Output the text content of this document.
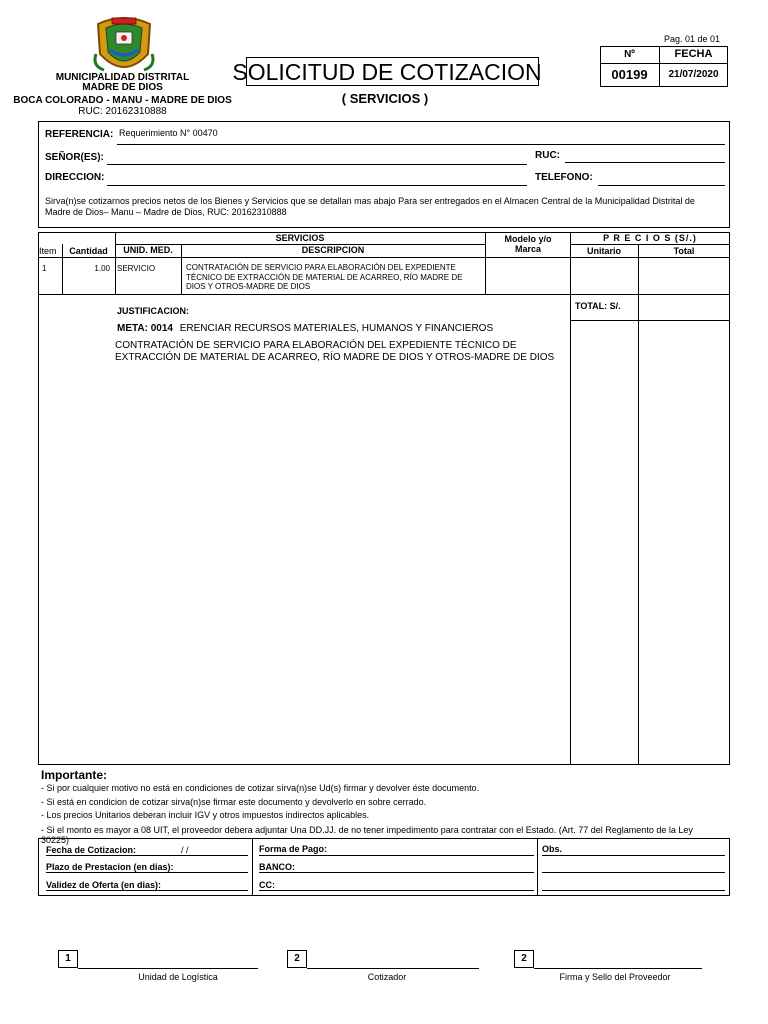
MUNICIPALIDAD DISTRITAL
MADRE DE DIOS
BOCA COLORADO - MANU - MADRE DE DIOS
RUC: 20162310888
SOLICITUD DE COTIZACION
( SERVICIOS )
Pag. 01 de 01
Nº	FECHA
00199	21/07/2020
REFERENCIA: Requerimiento N° 00470
SEÑOR(ES):	RUC:
DIRECCION:	TELEFONO:
Sirva(n)se cotizarnos precios netos de los Bienes y Servicios que se detallan mas abajo Para ser entregados en el Almacen Central de la Municipalidad Distrital de Madre de Dios– Manu – Madre de Dios, RUC: 20162310888
SERVICIOS	P R E C I O S (S/.)
Item	Cantidad	UNID. MED.	DESCRIPCION
Modelo y/o Marca	Unitario	Total
1	1.00 SERVICIO	CONTRATACIÓN DE SERVICIO PARA ELABORACIÓN DEL EXPEDIENTE TÉCNICO DE EXTRACCIÓN DE MATERIAL DE ACARREO, RÍO MADRE DE DIOS Y OTROS-MADRE DE DIOS
TOTAL: S/.
JUSTIFICACION:
META: 0014 ERENCIAR RECURSOS MATERIALES, HUMANOS Y FINANCIEROS
CONTRATACIÓN DE SERVICIO PARA ELABORACIÓN DEL EXPEDIENTE TÉCNICO DE EXTRACCIÓN DE MATERIAL DE ACARREO, RÍO MADRE DE DIOS Y OTROS-MADRE DE DIOS
Importante:
- Si por cualquier motivo no está en condiciones de cotizar sírva(n)se Ud(s) firmar y devolver éste documento.
- Si está en condicion de cotizar sirva(n)se firmar este documento y devolverlo en sobre cerrado.
- Los precios Unitarios deberan incluir IGV y otros impuestos indirectos aplicables.
- Si el monto es mayor a 08 UIT, el proveedor debera adjuntar Una DD.JJ. de no tener impedimento para contratar con el Estado. (Art. 77 del Reglamento de la Ley 30225)
Fecha de Cotizacion:	/ /
Plazo de Prestacion (en dias):
Validez de Oferta (en dias):
Forma de Pago:
BANCO:
CC:
Obs.
1
Unidad de Logística
2
Cotizador
2
Firma y Sello del Proveedor
